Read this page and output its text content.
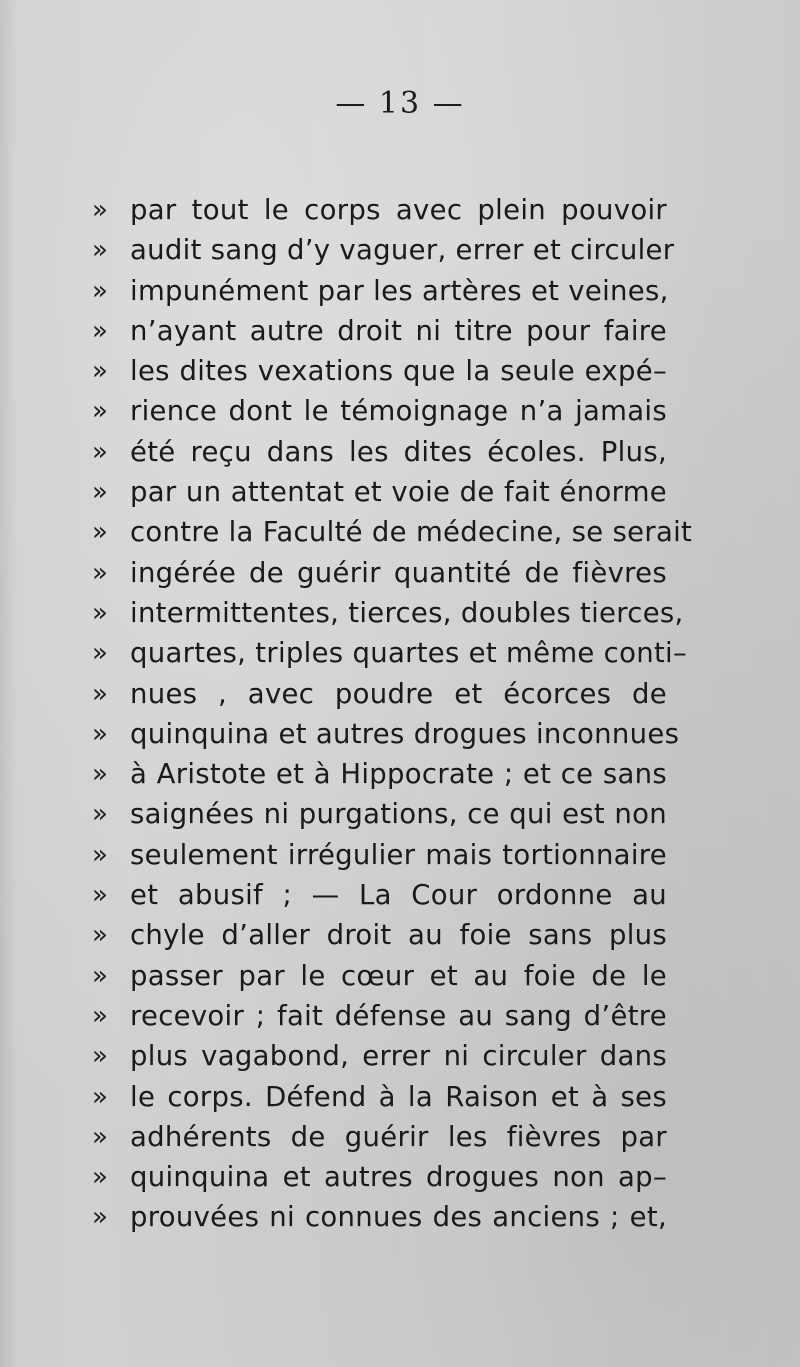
— 13 —
» par tout le corps avec plein pouvoir
» audit sang d’y vaguer, errer et circuler
» impunément par les artères et veines,
» n’ayant autre droit ni titre pour faire
» les dites vexations que la seule expé–
» rience dont le témoignage n’a jamais
» été reçu dans les dites écoles. Plus,
» par un attentat et voie de fait énorme
» contre la Faculté de médecine, se serait
» ingérée de guérir quantité de fièvres
» intermittentes, tierces, doubles tierces,
» quartes, triples quartes et même conti–
» nues , avec poudre et écorces de
» quinquina et autres drogues inconnues
» à Aristote et à Hippocrate ; et ce sans
» saignées ni purgations, ce qui est non
» seulement irrégulier mais tortionnaire
» et abusif ; — La Cour ordonne au
» chyle d’aller droit au foie sans plus
» passer par le cœur et au foie de le
» recevoir ; fait défense au sang d’être
» plus vagabond, errer ni circuler dans
» le corps. Défend à la Raison et à ses
» adhérents de guérir les fièvres par
» quinquina et autres drogues non ap–
» prouvées ni connues des anciens ; et,
